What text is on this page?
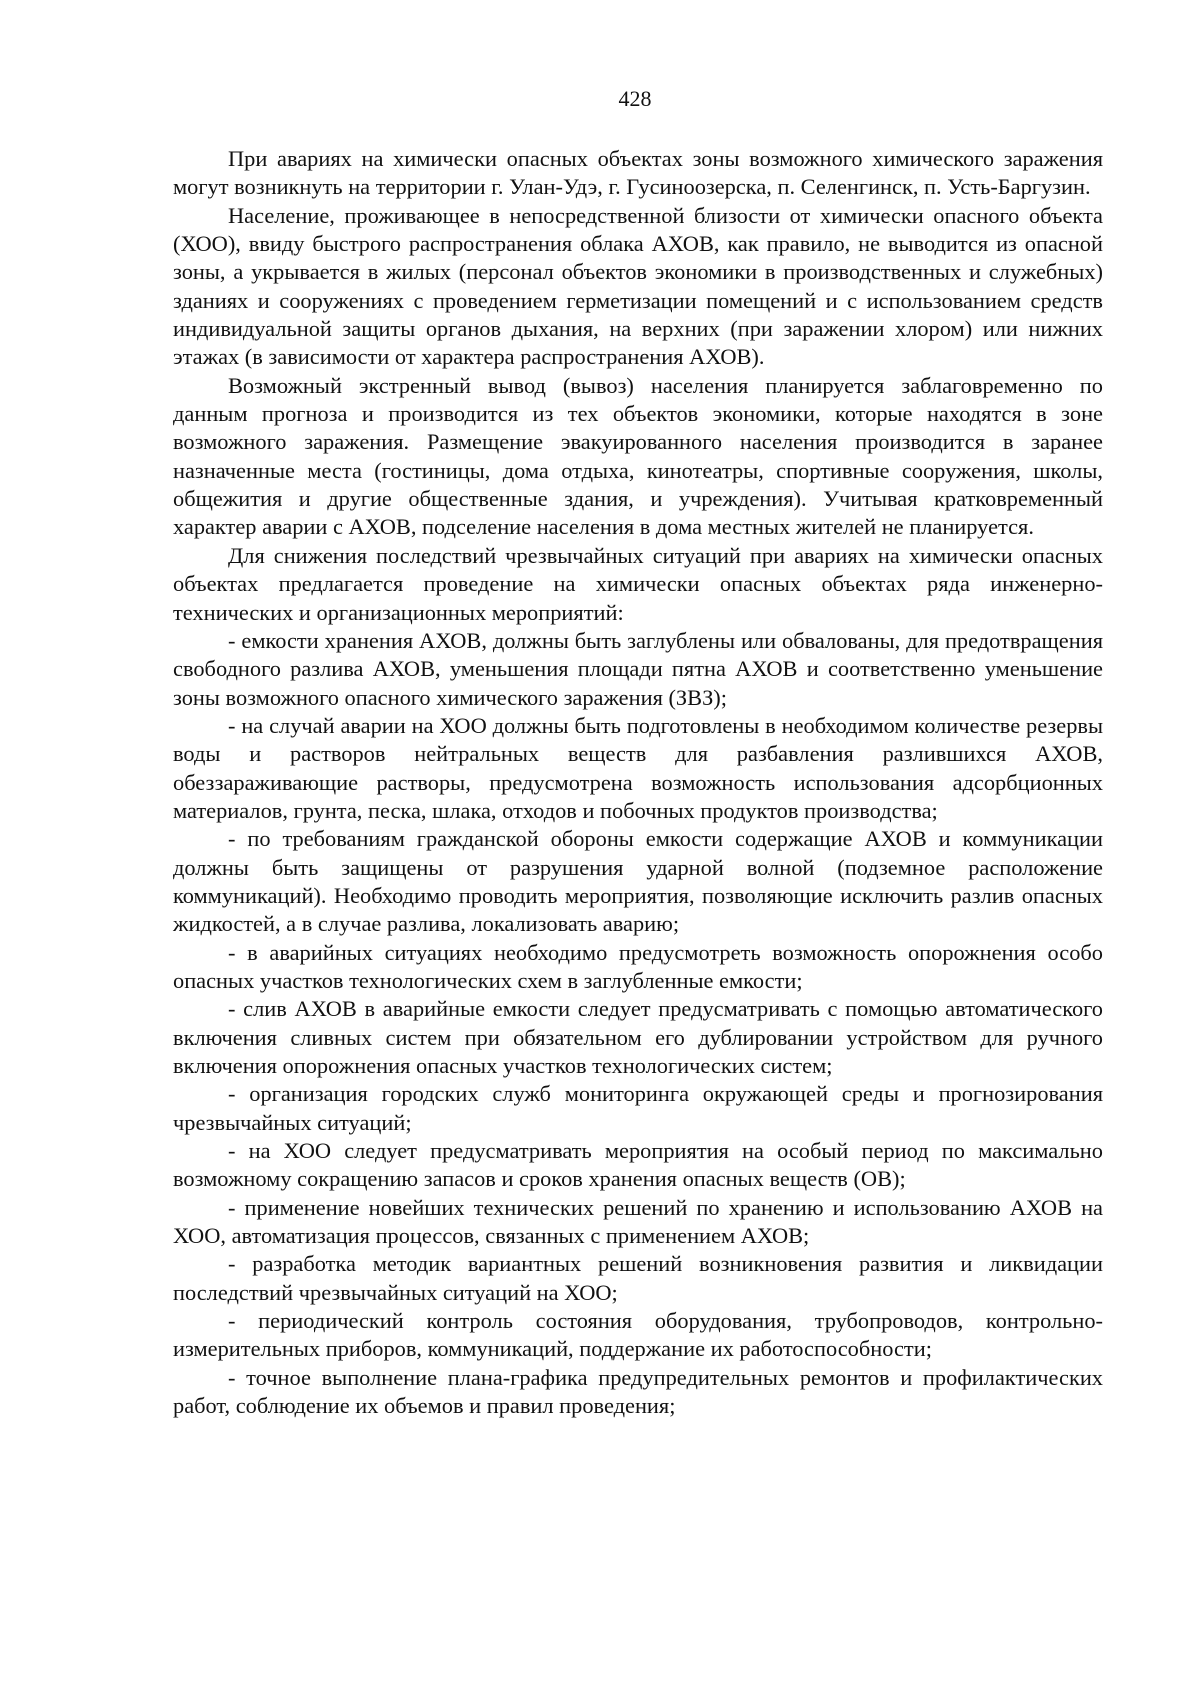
428

При авариях на химически опасных объектах зоны возможного химического заражения могут возникнуть на территории г. Улан-Удэ, г. Гусиноозерска, п. Селенгинск, п. Усть-Баргузин.

Население, проживающее в непосредственной близости от химически опасного объекта (ХОО), ввиду быстрого распространения облака АХОВ, как правило, не выводится из опасной зоны, а укрывается в жилых (персонал объектов экономики в производственных и служебных) зданиях и сооружениях с проведением герметизации помещений и с использованием средств индивидуальной защиты органов дыхания, на верхних (при заражении хлором) или нижних этажах (в зависимости от характера распространения АХОВ).

Возможный экстренный вывод (вывоз) населения планируется заблаговременно по данным прогноза и производится из тех объектов экономики, которые находятся в зоне возможного заражения. Размещение эвакуированного населения производится в заранее назначенные места (гостиницы, дома отдыха, кинотеатры, спортивные сооружения, школы, общежития и другие общественные здания, и учреждения). Учитывая кратковременный характер аварии с АХОВ, подселение населения в дома местных жителей не планируется.

Для снижения последствий чрезвычайных ситуаций при авариях на химически опасных объектах предлагается проведение на химически опасных объектах ряда инженерно-технических и организационных мероприятий:

- емкости хранения АХОВ, должны быть заглублены или обвалованы, для предотвращения свободного разлива АХОВ, уменьшения площади пятна АХОВ и соответственно уменьшение зоны возможного опасного химического заражения (ЗВЗ);

- на случай аварии на ХОО должны быть подготовлены в необходимом количестве резервы воды и растворов нейтральных веществ для разбавления разлившихся АХОВ, обеззараживающие растворы, предусмотрена возможность использования адсорбционных материалов, грунта, песка, шлака, отходов и побочных продуктов производства;

- по требованиям гражданской обороны емкости содержащие АХОВ и коммуникации должны быть защищены от разрушения ударной волной (подземное расположение коммуникаций). Необходимо проводить мероприятия, позволяющие исключить разлив опасных жидкостей, а в случае разлива, локализовать аварию;

- в аварийных ситуациях необходимо предусмотреть возможность опорожнения особо опасных участков технологических схем в заглубленные емкости;

- слив АХОВ в аварийные емкости следует предусматривать с помощью автоматического включения сливных систем при обязательном его дублировании устройством для ручного включения опорожнения опасных участков технологических систем;

- организация городских служб мониторинга окружающей среды и прогнозирования чрезвычайных ситуаций;

- на ХОО следует предусматривать мероприятия на особый период по максимально возможному сокращению запасов и сроков хранения опасных веществ (ОВ);

- применение новейших технических решений по хранению и использованию АХОВ на ХОО, автоматизация процессов, связанных с применением АХОВ;

- разработка методик вариантных решений возникновения развития и ликвидации последствий чрезвычайных ситуаций на ХОО;

- периодический контроль состояния оборудования, трубопроводов, контрольно-измерительных приборов, коммуникаций, поддержание их работоспособности;

- точное выполнение плана-графика предупредительных ремонтов и профилактических работ, соблюдение их объемов и правил проведения;
